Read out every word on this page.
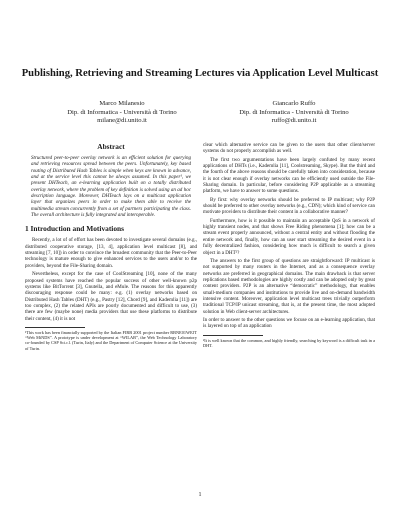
Publishing, Retrieving and Streaming Lectures via Application Level Multicast
Marco Milanesio
Dip. di Informatica - Università di Torino
milane@di.unito.it
Giancarlo Ruffo
Dip. di Informatica - Università di Torino
ruffo@di.unito.it
Abstract
Structured peer-to-peer overlay network is an efficient solution for querying and retrieving resources spread between the peers. Unfortunately, key based routing of Distributed Hash Tables is simple when keys are known in advance, and at the service level this cannot be always assumed. In this paper¹, we present DHTeach, an e-learning application built on a totally distributed overlay network, where the problem of key definition is solved using an ad hoc description language. Moreover, DHTeach lays on a multicast application layer that organizes peers in order to make them able to receive the multimedia stream concurrently from a set of partners participating the class. The overall architecture is fully integrated and interoperable.
1 Introduction and Motivations

Recently, a lot of of effort has been devoted to investigate several domains (e.g., distributed cooperative storage, [13, 4], application level multicast [8], and streaming [7, 10]) in order to convince the broadest community that the Peer-to-Peer technology is mature enough to give enhanced services to the users and/or to the providers, beyond the File-Sharing domain.

Nevertheless, except for the case of CoolStreaming [10], none of the many proposed systems have reached the popular success of other well-known p2p systems like BitTorrent [3], Gnutella, and eMule. The reasons for this apparently discouraging response could be many: e.g. (1) overlay networks based on Distributed Hash Tables (DHT) (e.g., Pastry [12], Chord [9], and Kademlia [11]) are too complex, (2) the related APIs are poorly documented and difficult to use, (3) there are few (maybe none) media providers that use these platforms to distribute their content, (4) it is not

¹This work has been financially supported by the Italian FIRB 2001 project number RBNE01WEJT “Web MiNDS”. A prototype is under development at “WILAB”, the Web Technology Laboratory co-founded by CSP Sci.r.l. (Turin, Italy) and the Department of Computer Science at the University of Turin.

clear which alternative service can be given to the users that other client/server systems do not properly accomplish as well.

The first two argumentations have been largely confuted by many recent applications of DHTs (i.e., Kademlia [11], Coolstreaming, Skype). But the third and the fourth of the above reasons should be carefully taken into consideration, because it is not clear enough if overlay networks can be efficiently used outside the File-Sharing domain. In particular, before considering P2P applicable as a streaming platform, we have to answer to some questions.

By first: why overlay networks should be preferred to IP multicast; why P2P should be preferred to other overlay networks (e.g., CDN); which kind of service can motivate providers to distribute their content in a collaborative manner?

Furthermore, how is it possible to maintain an acceptable QoS in a network of highly transient nodes, and that shows Free Riding phenomena [1]; how can be a stream event properly announced, without a central entity and without flooding the entire network and, finally, how can an user start streaming the desired event in a fully decentralized fashion, considering how much is difficult to search a given object in a DHT²?

The answers to the first group of questions are straightforward: IP multicast is not supported by many routers in the Internet, and as a consequence overlay networks are preferred in geographical domains. The main drawback is that server replications based methodologies are highly costly and can be adopted only by great content providers. P2P is an alternative “democratic” methodology, that enables small-medium companies and institutions to provide live and on-demand bandwidth intensive content. Moreover, application level multicast trees trivially outperform traditional TCP/IP unicast streaming, that is, at the present time, the most adopted solution in Web client-server architectures.

In order to answer to the other questions we focuse on an e-learning application, that is layered on top of an application

²It is well known that the common, and highly friendly, searching by keyword is a difficult task in a DHT.

1
